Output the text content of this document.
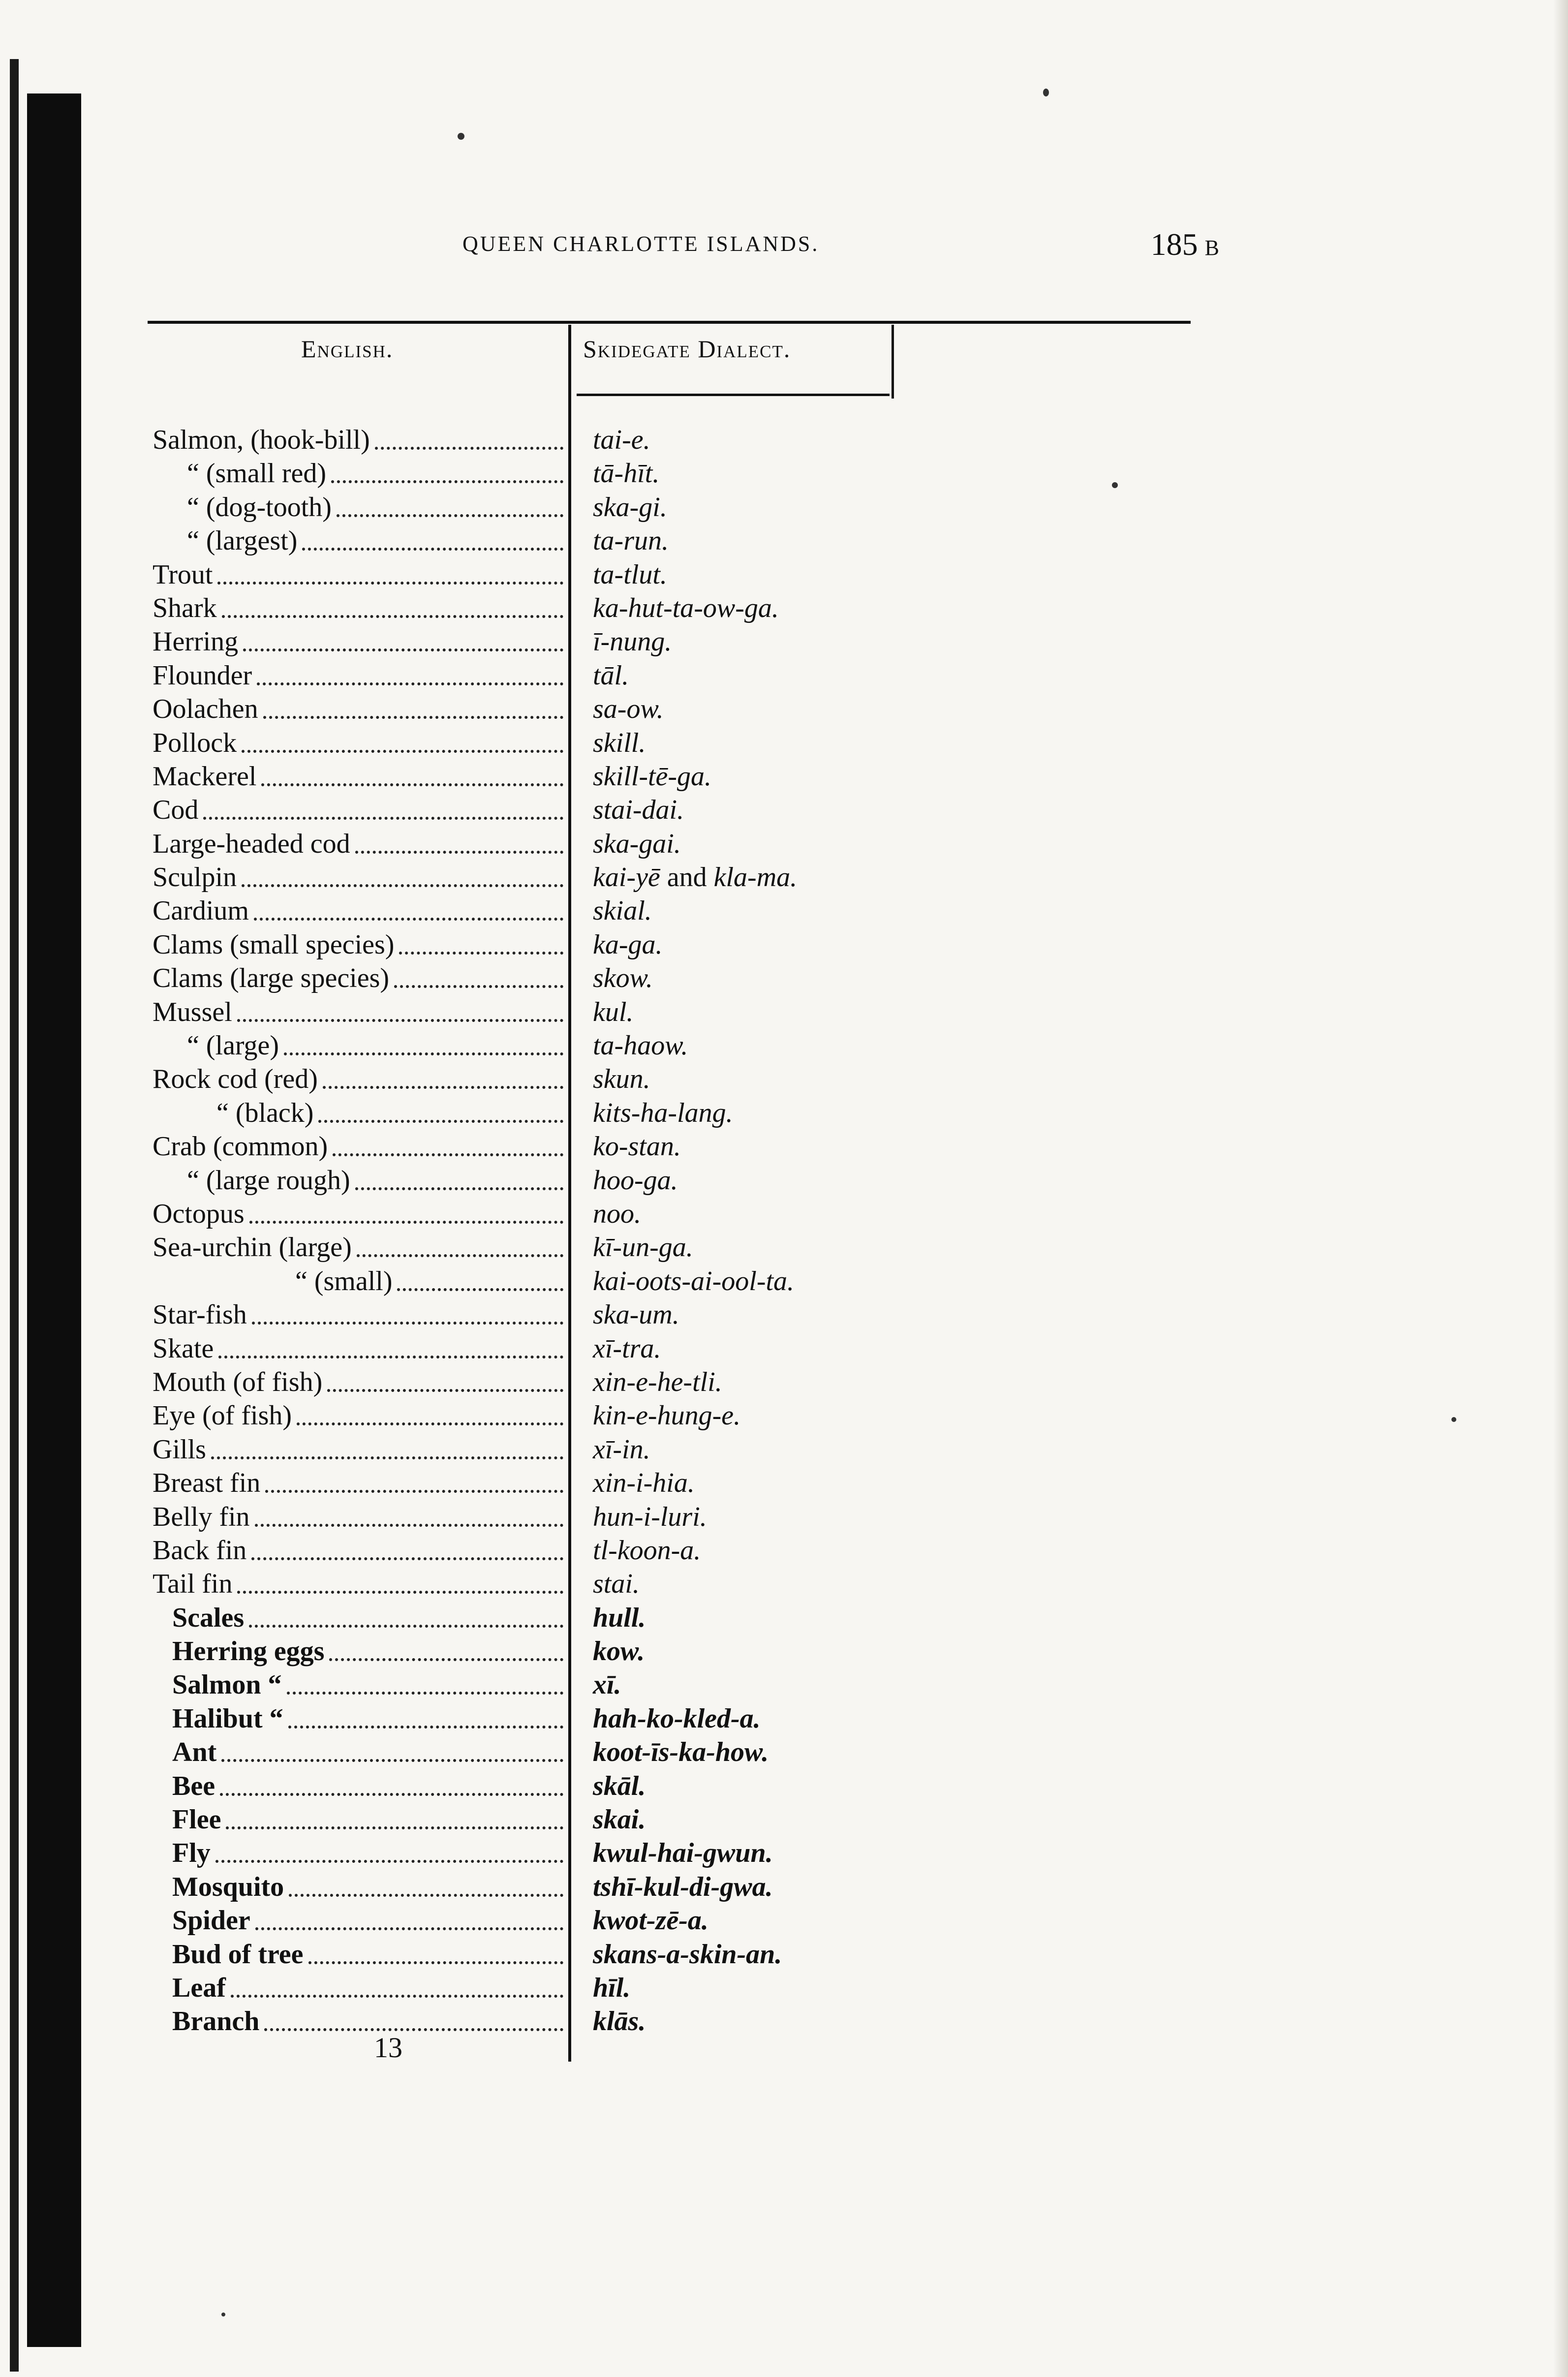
QUEEN CHARLOTTE ISLANDS.	185 B
English.	Skidegate Dialect.
Salmon, (hook-bill)	tai-e.
“ (small red)	tā-hīt.
“ (dog-tooth)	ska-gi.
“ (largest)	ta-run.
Trout	ta-tlut.
Shark	ka-hut-ta-ow-ga.
Herring	ī-nung.
Flounder	tāl.
Oolachen	sa-ow.
Pollock	skill.
Mackerel	skill-tē-ga.
Cod	stai-dai.
Large-headed cod	ska-gai.
Sculpin	kai-yē and kla-ma.
Cardium	skial.
Clams (small species)	ka-ga.
Clams (large species)	skow.
Mussel	kul.
“ (large)	ta-haow.
Rock cod (red)	skun.
“ (black)	kits-ha-lang.
Crab (common)	ko-stan.
“ (large rough)	hoo-ga.
Octopus	noo.
Sea-urchin (large)	kī-un-ga.
“ (small)	kai-oots-ai-ool-ta.
Star-fish	ska-um.
Skate	xī-tra.
Mouth (of fish)	xin-e-he-tli.
Eye (of fish)	kin-e-hung-e.
Gills	xī-in.
Breast fin	xin-i-hia.
Belly fin	hun-i-luri.
Back fin	tl-koon-a.
Tail fin	stai.
Scales	hull.
Herring eggs	kow.
Salmon “	xī.
Halibut “	hah-ko-kled-a.
Ant	koot-īs-ka-how.
Bee	skāl.
Flee	skai.
Fly	kwul-hai-gwun.
Mosquito	tshī-kul-di-gwa.
Spider	kwot-zē-a.
Bud of tree	skans-a-skin-an.
Leaf	hīl.
Branch	klās.
13
